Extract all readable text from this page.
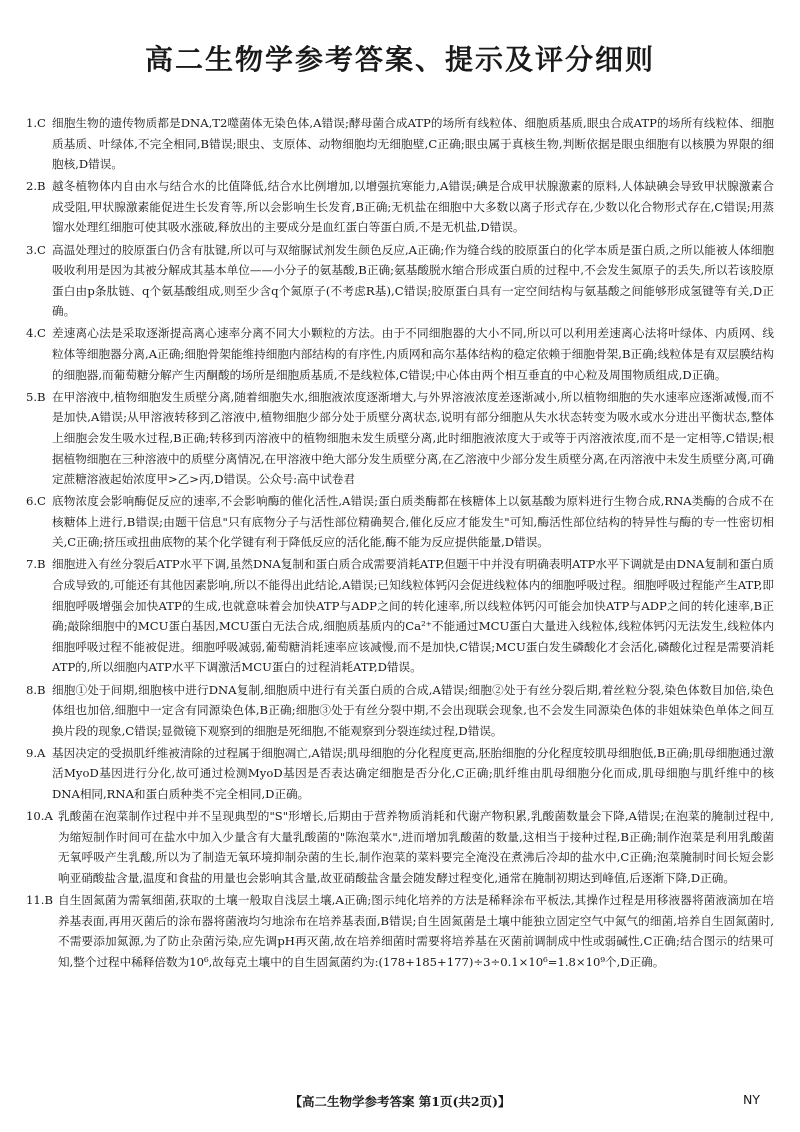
高二生物学参考答案、提示及评分细则
1.C 细胞生物的遗传物质都是DNA,T2噬菌体无染色体,A错误;酵母菌合成ATP的场所有线粒体、细胞质基质,眼虫合成ATP的场所有线粒体、细胞质基质、叶绿体,不完全相同,B错误;眼虫、支原体、动物细胞均无细胞壁,C正确;眼虫属于真核生物,判断依据是眼虫细胞有以核膜为界限的细胞核,D错误。

2.B 越冬植物体内自由水与结合水的比值降低,结合水比例增加,以增强抗寒能力,A错误;碘是合成甲状腺激素的原料,人体缺碘会导致甲状腺激素合成受阻,甲状腺激素能促进生长发育等,所以会影响生长发育,B正确;无机盐在细胞中大多数以离子形式存在,少数以化合物形式存在,C错误;用蒸馏水处理红细胞可使其吸水涨破,释放出的主要成分是血红蛋白等蛋白质,不是无机盐,D错误。

3.C 高温处理过的胶原蛋白仍含有肽键,所以可与双缩脲试剂发生颜色反应,A正确;作为缝合线的胶原蛋白的化学本质是蛋白质,之所以能被人体细胞吸收利用是因为其被分解成其基本单位——小分子的氨基酸,B正确;氨基酸脱水缩合形成蛋白质的过程中,不会发生氮原子的丢失,所以若该胶原蛋白由p条肽链、q个氨基酸组成,则至少含q个氮原子(不考虑R基),C错误;胶原蛋白具有一定空间结构与氨基酸之间能够形成氢键等有关,D正确。

4.C 差速离心法是采取逐渐提高离心速率分离不同大小颗粒的方法。由于不同细胞器的大小不同,所以可以利用差速离心法将叶绿体、内质网、线粒体等细胞器分离,A正确;细胞骨架能维持细胞内部结构的有序性,内质网和高尔基体结构的稳定依赖于细胞骨架,B正确;线粒体是有双层膜结构的细胞器,而葡萄糖分解产生丙酮酸的场所是细胞质基质,不是线粒体,C错误;中心体由两个相互垂直的中心粒及周围物质组成,D正确。

5.B 在甲溶液中,植物细胞发生质壁分离,随着细胞失水,细胞液浓度逐渐增大,与外界溶液浓度差逐渐减小,所以植物细胞的失水速率应逐渐减慢,而不是加快,A错误;从甲溶液转移到乙溶液中,植物细胞少部分处于质壁分离状态,说明有部分细胞从失水状态转变为吸水或水分进出平衡状态,整体上细胞会发生吸水过程,B正确;转移到丙溶液中的植物细胞未发生质壁分离,此时细胞液浓度大于或等于丙溶液浓度,而不是一定相等,C错误;根据植物细胞在三种溶液中的质壁分离情况,在甲溶液中绝大部分发生质壁分离,在乙溶液中少部分发生质壁分离,在丙溶液中未发生质壁分离,可确定蔗糖溶液起始浓度甲>乙>丙,D错误。公众号:高中试卷君

6.C 底物浓度会影响酶促反应的速率,不会影响酶的催化活性,A错误;蛋白质类酶都在核糖体上以氨基酸为原料进行生物合成,RNA类酶的合成不在核糖体上进行,B错误;由题干信息"只有底物分子与活性部位精确契合,催化反应才能发生"可知,酶活性部位结构的特异性与酶的专一性密切相关,C正确;挤压或扭曲底物的某个化学键有利于降低反应的活化能,酶不能为反应提供能量,D错误。

7.B 细胞进入有丝分裂后ATP水平下调,虽然DNA复制和蛋白质合成需要消耗ATP,但题干中并没有明确表明ATP水平下调就是由DNA复制和蛋白质合成导致的,可能还有其他因素影响,所以不能得出此结论,A错误;已知线粒体钙闪会促进线粒体内的细胞呼吸过程。细胞呼吸过程能产生ATP,即细胞呼吸增强会加快ATP的生成,也就意味着会加快ATP与ADP之间的转化速率,所以线粒体钙闪可能会加快ATP与ADP之间的转化速率,B正确;敲除细胞中的MCU蛋白基因,MCU蛋白无法合成,细胞质基质内的Ca²⁺不能通过MCU蛋白大量进入线粒体,线粒体钙闪无法发生,线粒体内细胞呼吸过程不能被促进。细胞呼吸减弱,葡萄糖消耗速率应该减慢,而不是加快,C错误;MCU蛋白发生磷酸化才会活化,磷酸化过程是需要消耗ATP的,所以细胞内ATP水平下调激活MCU蛋白的过程消耗ATP,D错误。

8.B 细胞①处于间期,细胞核中进行DNA复制,细胞质中进行有关蛋白质的合成,A错误;细胞②处于有丝分裂后期,着丝粒分裂,染色体数目加倍,染色体组也加倍,细胞中一定含有同源染色体,B正确;细胞③处于有丝分裂中期,不会出现联会现象,也不会发生同源染色体的非姐妹染色单体之间互换片段的现象,C错误;显微镜下观察到的细胞是死细胞,不能观察到分裂连续过程,D错误。

9.A 基因决定的受损肌纤维被清除的过程属于细胞凋亡,A错误;肌母细胞的分化程度更高,胚胎细胞的分化程度较肌母细胞低,B正确;肌母细胞通过激活MyoD基因进行分化,故可通过检测MyoD基因是否表达确定细胞是否分化,C正确;肌纤维由肌母细胞分化而成,肌母细胞与肌纤维中的核DNA相同,RNA和蛋白质种类不完全相同,D正确。

10.A 乳酸菌在泡菜制作过程中并不呈现典型的"S"形增长,后期由于营养物质消耗和代谢产物积累,乳酸菌数量会下降,A错误;在泡菜的腌制过程中,为缩短制作时间可在盐水中加入少量含有大量乳酸菌的"陈泡菜水",进而增加乳酸菌的数量,这相当于接种过程,B正确;制作泡菜是利用乳酸菌无氧呼吸产生乳酸,所以为了制造无氧环境抑制杂菌的生长,制作泡菜的菜料要完全淹没在煮沸后冷却的盐水中,C正确;泡菜腌制时间长短会影响亚硝酸盐含量,温度和食盐的用量也会影响其含量,故亚硝酸盐含量会随发酵过程变化,通常在腌制初期达到峰值,后逐渐下降,D正确。

11.B 自生固氮菌为需氧细菌,获取的土壤一般取自浅层土壤,A正确;图示纯化培养的方法是稀释涂布平板法,其操作过程是用移液器将菌液滴加在培养基表面,再用灭菌后的涂布器将菌液均匀地涂布在培养基表面,B错误;自生固氮菌是土壤中能独立固定空气中氮气的细菌,培养自生固氮菌时,不需要添加氮源,为了防止杂菌污染,应先调pH再灭菌,故在培养细菌时需要将培养基在灭菌前调制成中性或弱碱性,C正确;结合图示的结果可知,整个过程中稀释倍数为10⁶,故每克土壤中的自生固氮菌约为:(178+185+177)÷3÷0.1×10⁶=1.8×10⁹个,D正确。

【高二生物学参考答案 第1页(共2页)】	NY
